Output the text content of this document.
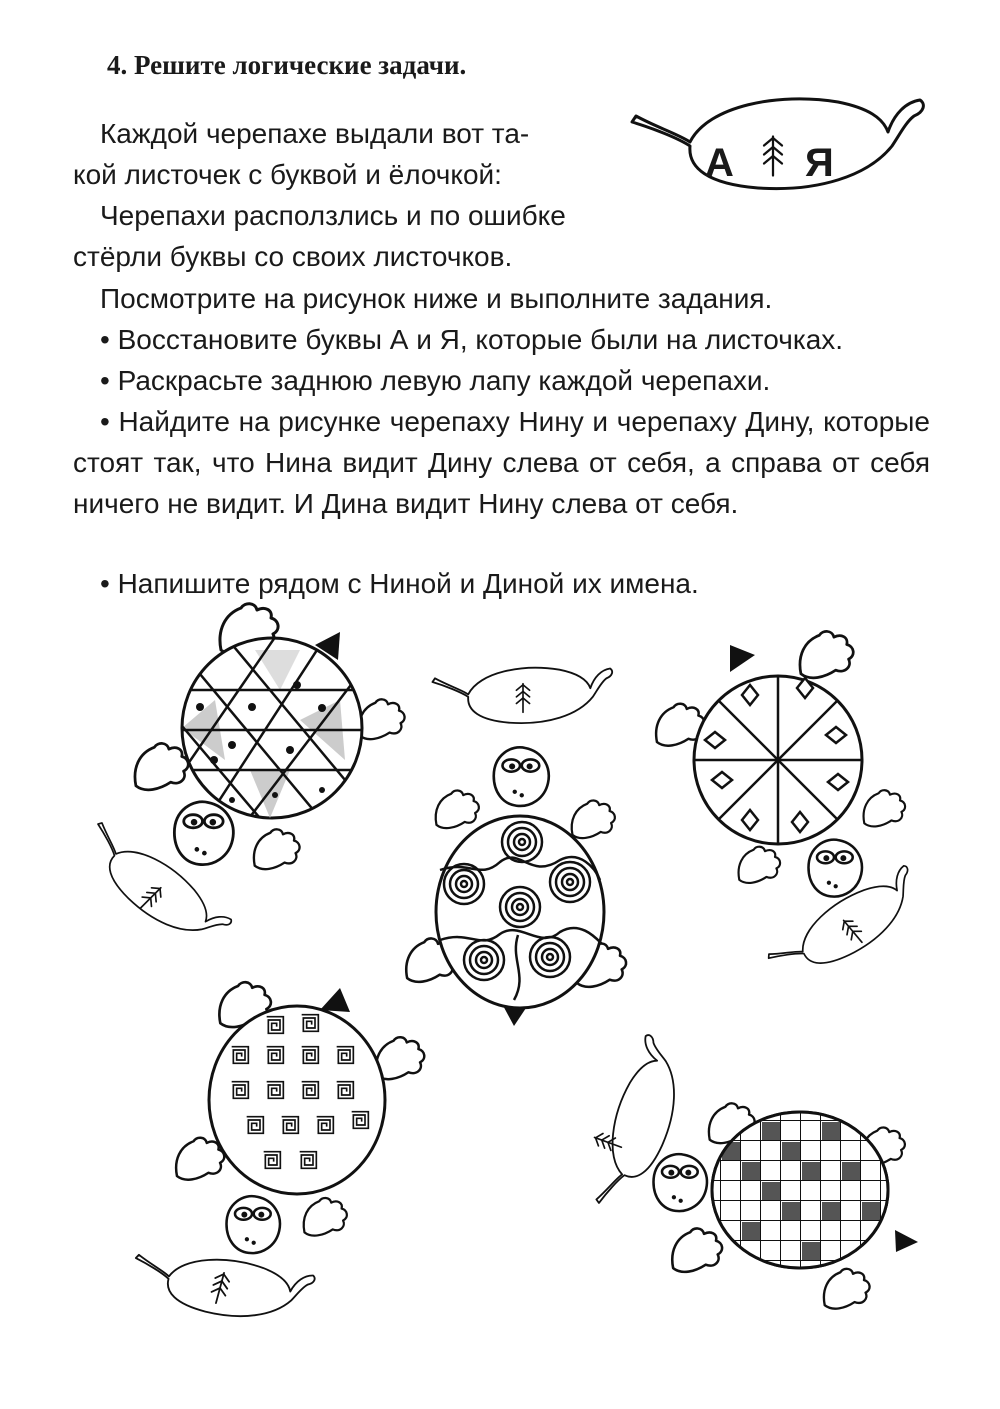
4. Решите логические задачи.

Каждой черепахе выдали вот та-

кой листочек с буквой и ёлочкой:

Черепахи расползлись и по ошибке

стёрли буквы со своих листочков.

Посмотрите на рисунок ниже и выполните задания.

• Восстановите буквы А и Я, которые были на листочках.

• Раскрасьте заднюю левую лапу каждой черепахи.

• Найдите на рисунке черепаху Нину и черепаху Дину, которые стоят так, что Нина видит Дину слева от себя, а справа от себя ничего не видит. И Дина видит Нину слева от себя.

• Напишите рядом с Ниной и Диной их имена.

А Я
